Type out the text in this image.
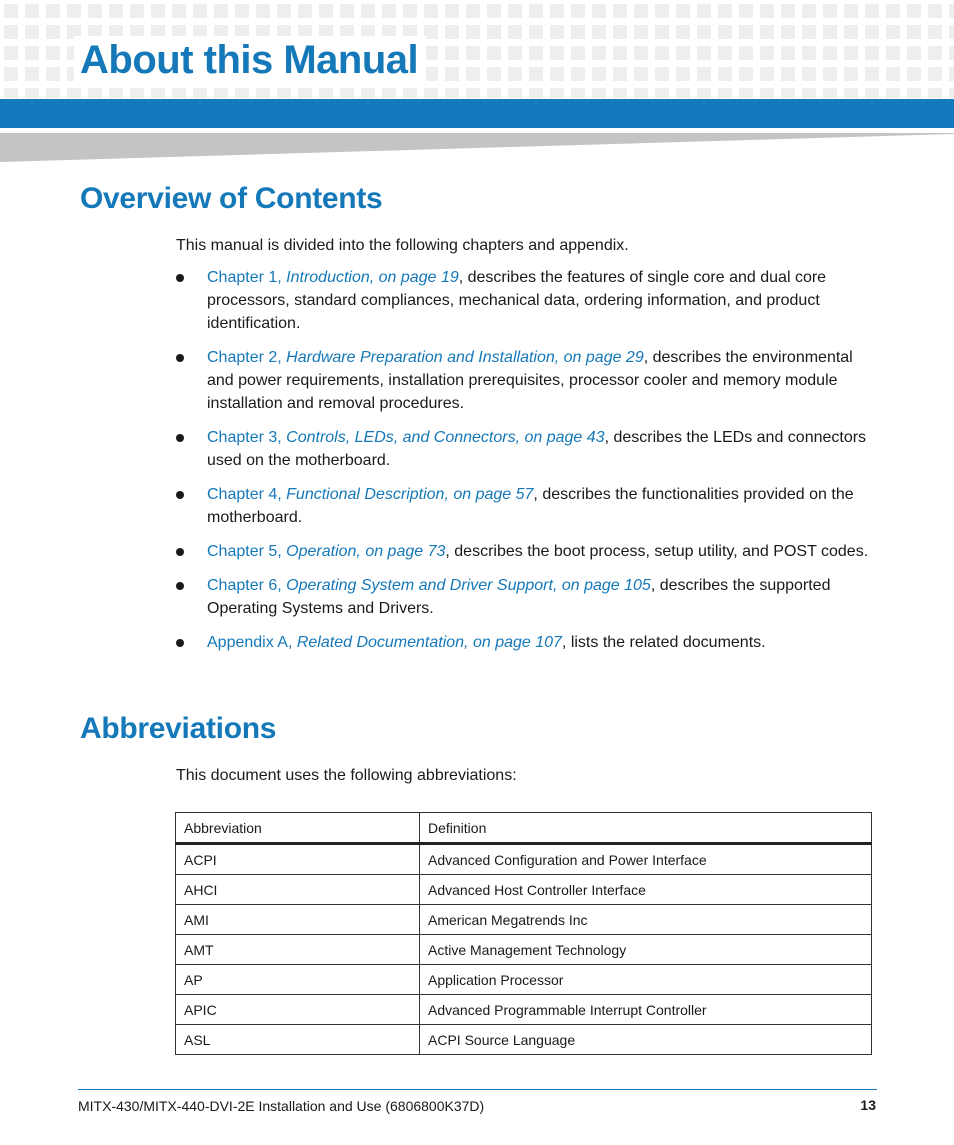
About this Manual
Overview of Contents

This manual is divided into the following chapters and appendix.

Chapter 1, Introduction, on page 19, describes the features of single core and dual core processors, standard compliances, mechanical data, ordering information, and product identification.
Chapter 2, Hardware Preparation and Installation, on page 29, describes the environmental and power requirements, installation prerequisites, processor cooler and memory module installation and removal procedures.
Chapter 3, Controls, LEDs, and Connectors, on page 43, describes the LEDs and connectors used on the motherboard.
Chapter 4, Functional Description, on page 57, describes the functionalities provided on the motherboard.
Chapter 5, Operation, on page 73, describes the boot process, setup utility, and POST codes.
Chapter 6, Operating System and Driver Support, on page 105, describes the supported Operating Systems and Drivers.
Appendix A, Related Documentation, on page 107, lists the related documents.
Abbreviations

This document uses the following abbreviations:

Abbreviation	Definition
ACPI	Advanced Configuration and Power Interface
AHCI	Advanced Host Controller Interface
AMI	American Megatrends Inc
AMT	Active Management Technology
AP	Application Processor
APIC	Advanced Programmable Interrupt Controller
ASL	ACPI Source Language
MITX-430/MITX-440-DVI-2E Installation and Use (6806800K37D)	13
